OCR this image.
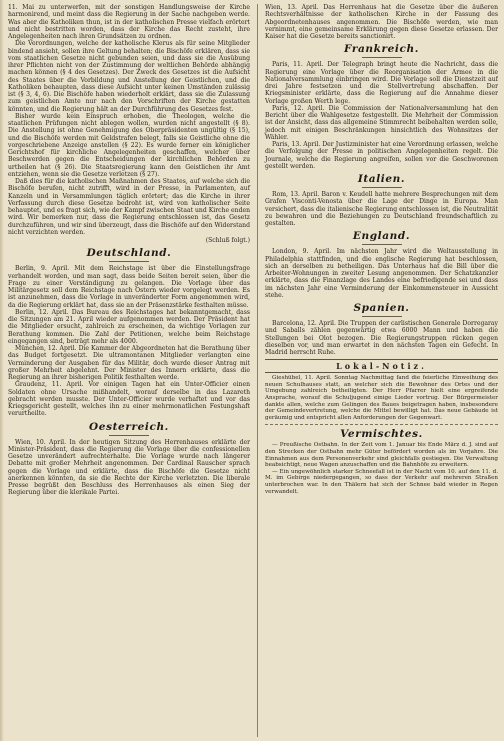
11. Mai zu unterwerfen, mit der sonstigen Handlungsweise der Kirche harmonirend, und meint dass die Regierung in der Sache nachgeben werde. Was aber die Katholiken thun, ist in der katholischen Presse vielfach erörtert und nicht bestritten worden, dass der Kirche das Recht zusteht, ihre Angelegenheiten nach ihren Grundsätzen zu ordnen.

Die Verordnungen, welche der katholische Klerus als für seine Mitglieder bindend ansieht, sollen ihre Geltung behalten; die Bischöfe erklären, dass sie vom staatlichen Gesetze nicht gebunden seien, und dass sie die Ausübung ihrer Pflichten nicht von der Zustimmung der weltlichen Behörde abhängig machen können (§ 4 des Gesetzes). Der Zweck des Gesetzes ist die Aufsicht des Staates über die Vorbildung und Anstellung der Geistlichen, und die Katholiken behaupten, dass diese Aufsicht unter keinen Umständen zulässig ist (§ 3, 4, 6). Die Bischöfe haben wiederholt erklärt, dass sie die Zulassung zum geistlichen Amte nur nach den Vorschriften der Kirche gestatten könnten, und die Regierung hält an der Durchführung des Gesetzes fest.

Bisher wurde kein Einspruch erhoben, die Theologen, welche die staatlichen Prüfungen nicht ablegen wollen, wurden nicht angestellt (§ 8). Die Anstellung ist ohne Genehmigung des Oberpräsidenten ungültig (§ 15), und die Bischöfe werden mit Geldstrafen belegt, falls sie Geistliche ohne die vorgeschriebene Anzeige anstellen (§ 22). Es wurde ferner ein königlicher Gerichtshof für kirchliche Angelegenheiten geschaffen, welcher über Beschwerden gegen die Entscheidungen der kirchlichen Behörden zu urtheilen hat (§ 26). Die Staatsregierung kann den Geistlichen ihr Amt entziehen, wenn sie die Gesetze verletzen (§ 27).

Daß dies für die katholischen Maßnahmen des Staates, auf welche sich die Bischöfe berufen, nicht zutrifft, wird in der Presse, in Parlamenten, auf Kanzeln und in Versammlungen täglich erörtert; das die Kirche in ihrer Verfassung durch diese Gesetze bedroht ist, wird von katholischer Seite behauptet, und es fragt sich, wie der Kampf zwischen Staat und Kirche enden wird. Wir bemerken nur, dass die Regierung entschlossen ist, das Gesetz durchzuführen, und wir sind überzeugt, dass die Bischöfe auf den Widerstand nicht verzichten werden.

(Schluß folgt.)

Deutschland.

Berlin, 9. April. Mit dem Reichstage ist über die Einstellungsfrage verhandelt worden, und man sagt, dass beide Seiten bereit seien, über die Frage zu einer Verständigung zu gelangen. Die Vorlage über das Militärgesetz soll dem Reichstage nach Ostern wieder vorgelegt werden. Es ist anzunehmen, dass die Vorlage in unveränderter Form angenommen wird, da die Regierung erklärt hat, dass sie an der Präsenzstärke festhalten müsse.

Berlin, 12. April. Das Bureau des Reichstages hat bekanntgemacht, dass die Sitzungen am 21. April wieder aufgenommen werden. Der Präsident hat die Mitglieder ersucht, zahlreich zu erscheinen, da wichtige Vorlagen zur Berathung kommen. Die Zahl der Petitionen, welche beim Reichstage eingegangen sind, beträgt mehr als 4000.

München, 12. April. Die Kammer der Abgeordneten hat die Berathung über das Budget fortgesetzt. Die ultramontanen Mitglieder verlangten eine Verminderung der Ausgaben für das Militär, doch wurde dieser Antrag mit großer Mehrheit abgelehnt. Der Minister des Innern erklärte, dass die Regierung an ihrer bisherigen Politik festhalten werde.

Graudenz, 11. April. Vor einigen Tagen hat ein Unter-Officier einen Soldaten ohne Ursache mißhandelt, worauf derselbe in das Lazareth gebracht werden musste. Der Unter-Officier wurde verhaftet und vor das Kriegsgericht gestellt, welches ihn zu einer mehrmonatlichen Festungshaft verurtheilte.

Oesterreich.

Wien, 10. April. In der heutigen Sitzung des Herrenhauses erklärte der Minister-Präsident, dass die Regierung die Vorlage über die confessionellen Gesetze unverändert aufrechterhalte. Die Vorlage wurde nach längerer Debatte mit großer Mehrheit angenommen. Der Cardinal Rauscher sprach gegen die Vorlage und erklärte, dass die Bischöfe die Gesetze nicht anerkennen könnten, da sie die Rechte der Kirche verletzten. Die liberale Presse begrüßt den Beschluss des Herrenhauses als einen Sieg der Regierung über die klerikale Partei.

Wien, 13. April. Das Herrenhaus hat die Gesetze über die äußeren Rechtsverhältnisse der katholischen Kirche in der Fassung des Abgeordnetenhauses angenommen. Die Bischöfe werden, wie man vernimmt, eine gemeinsame Erklärung gegen diese Gesetze erlassen. Der Kaiser hat die Gesetze bereits sanctionirt.

Frankreich.

Paris, 11. April. Der Telegraph bringt heute die Nachricht, dass die Regierung eine Vorlage über die Reorganisation der Armee in die Nationalversammlung einbringen wird. Die Vorlage soll die Dienstzeit auf drei Jahre festsetzen und die Stellvertretung abschaffen. Der Kriegsminister erklärte, dass die Regierung auf die Annahme dieser Vorlage großen Werth lege.

Paris, 12. April. Die Commission der Nationalversammlung hat den Bericht über die Wahlgesetze festgestellt. Die Mehrheit der Commission ist der Ansicht, dass das allgemeine Stimmrecht beibehalten werden solle, jedoch mit einigen Beschränkungen hinsichtlich des Wohnsitzes der Wähler.

Paris, 13. April. Der Justizminister hat eine Verordnung erlassen, welche die Verfolgung der Presse in politischen Angelegenheiten regelt. Die Journale, welche die Regierung angreifen, sollen vor die Geschworenen gestellt werden.

Italien.

Rom, 13. April. Baron v. Keudell hatte mehrere Besprechungen mit dem Grafen Visconti-Venosta über die Lage der Dinge in Europa. Man versichert, dass die italienische Regierung entschlossen ist, die Neutralität zu bewahren und die Beziehungen zu Deutschland freundschaftlich zu gestalten.

England.

London, 9. April. Im nächsten Jahr wird die Weltausstellung in Philadelphia stattfinden, und die englische Regierung hat beschlossen, sich an derselben zu betheiligen. Das Unterhaus hat die Bill über die Arbeiter-Wohnungen in zweiter Lesung angenommen. Der Schatzkanzler erklärte, dass die Finanzlage des Landes eine befriedigende sei und dass im nächsten Jahr eine Verminderung der Einkommensteuer in Aussicht stehe.

Spanien.

Barcelona, 12. April. Die Truppen der carlistischen Generale Dorregaray und Saballs zählen gegenwärtig etwa 6000 Mann und haben die Stellungen bei Olot bezogen. Die Regierungstruppen rücken gegen dieselben vor, und man erwartet in den nächsten Tagen ein Gefecht. In Madrid herrscht Ruhe.

Lokal-Notiz.

Gieshübel, 11. April. Sonntag Nachmittag fand die feierliche Einweihung des neuen Schulhauses statt, an welcher sich die Bewohner des Ortes und der Umgebung zahlreich betheiligten. Der Herr Pfarrer hielt eine ergreifende Ansprache, worauf die Schuljugend einige Lieder vortrug. Der Bürgermeister dankte allen, welche zum Gelingen des Baues beigetragen haben, insbesondere der Gemeindevertretung, welche die Mittel bewilligt hat. Das neue Gebäude ist geräumig und entspricht allen Anforderungen der Gegenwart.

Vermischtes.

— Preußische Ostbahn. In der Zeit vom 1. Januar bis Ende März d. J. sind auf den Strecken der Ostbahn mehr Güter befördert worden als im Vorjahre. Die Einnahmen aus dem Personenverkehr sind gleichfalls gestiegen. Die Verwaltung beabsichtigt, neue Wagen anzuschaffen und die Bahnhöfe zu erweitern.

— Ein ungewöhnlich starker Schneefall ist in der Nacht vom 10. auf den 11. d. M. im Gebirge niedergegangen, so dass der Verkehr auf mehreren Straßen unterbrochen war. In den Thälern hat sich der Schnee bald wieder in Regen verwandelt.
